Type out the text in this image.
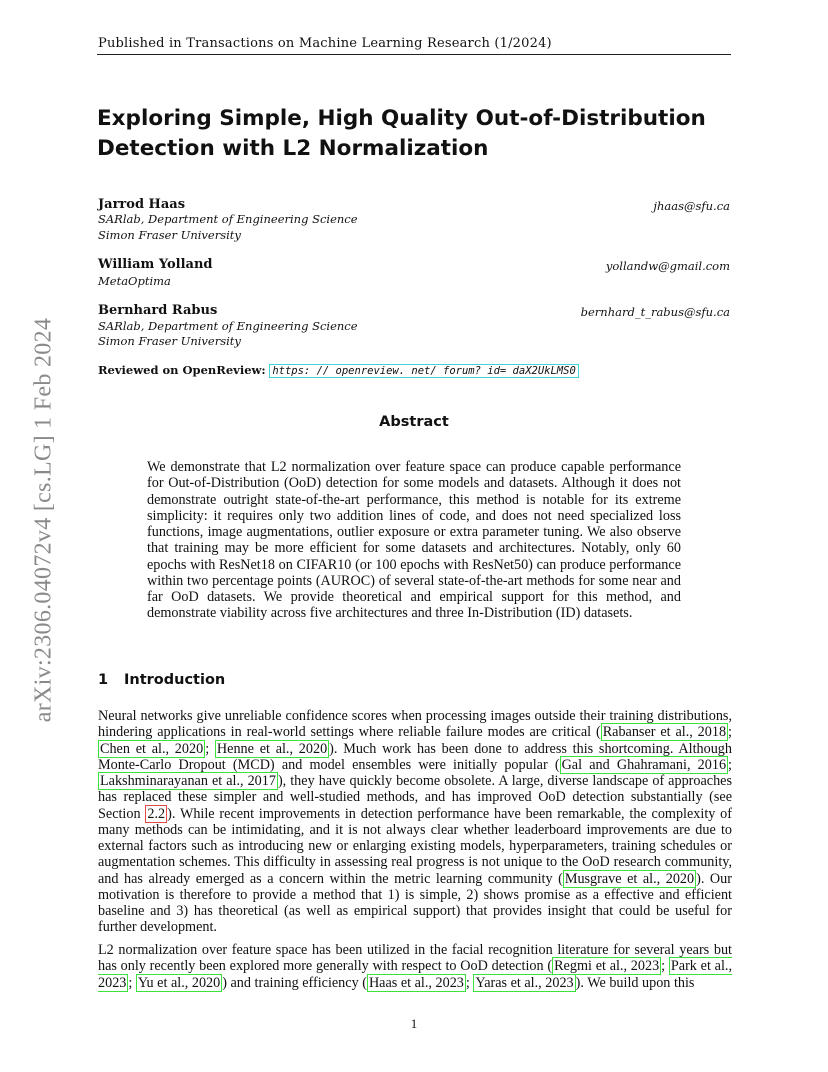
Published in Transactions on Machine Learning Research (1/2024)
arXiv:2306.04072v4 [cs.LG] 1 Feb 2024
Exploring Simple, High Quality Out-of-Distribution Detection with L2 Normalization
Jarrod Haas	jhaas@sfu.ca
SARlab, Department of Engineering Science
Simon Fraser University
William Yolland	yollandw@gmail.com
MetaOptima
Bernhard Rabus	bernhard_t_rabus@sfu.ca
SARlab, Department of Engineering Science
Simon Fraser University
Reviewed on OpenReview: https: // openreview. net/ forum? id= daX2UkLMS0
Abstract
We demonstrate that L2 normalization over feature space can produce capable performance for Out-of-Distribution (OoD) detection for some models and datasets. Although it does not demonstrate outright state-of-the-art performance, this method is notable for its extreme simplicity: it requires only two addition lines of code, and does not need specialized loss functions, image augmentations, outlier exposure or extra parameter tuning. We also observe that training may be more efficient for some datasets and architectures. Notably, only 60 epochs with ResNet18 on CIFAR10 (or 100 epochs with ResNet50) can produce performance within two percentage points (AUROC) of several state-of-the-art methods for some near and far OoD datasets. We provide theoretical and empirical support for this method, and demonstrate viability across five architectures and three In-Distribution (ID) datasets.
1 Introduction
Neural networks give unreliable confidence scores when processing images outside their training distributions, hindering applications in real-world settings where reliable failure modes are critical ( Rabanser et al., 2018 ; Chen et al., 2020 ; Henne et al., 2020 ). Much work has been done to address this shortcoming. Although Monte-Carlo Dropout (MCD) and model ensembles were initially popular ( Gal and Ghahramani, 2016 ; Lakshminarayanan et al., 2017 ), they have quickly become obsolete. A large, diverse landscape of approaches has replaced these simpler and well-studied methods, and has improved OoD detection substantially (see Section 2.2 ). While recent improvements in detection performance have been remarkable, the complexity of many methods can be intimidating, and it is not always clear whether leaderboard improvements are due to external factors such as introducing new or enlarging existing models, hyperparameters, training schedules or augmentation schemes. This difficulty in assessing real progress is not unique to the OoD research community, and has already emerged as a concern within the metric learning community ( Musgrave et al., 2020 ). Our motivation is therefore to provide a method that 1) is simple, 2) shows promise as a effective and efficient baseline and 3) has theoretical (as well as empirical support) that provides insight that could be useful for further development.
L2 normalization over feature space has been utilized in the facial recognition literature for several years but has only recently been explored more generally with respect to OoD detection ( Regmi et al., 2023 ; Park et al., 2023 ; Yu et al., 2020 ) and training efficiency ( Haas et al., 2023 ; Yaras et al., 2023 ). We build upon this
1
